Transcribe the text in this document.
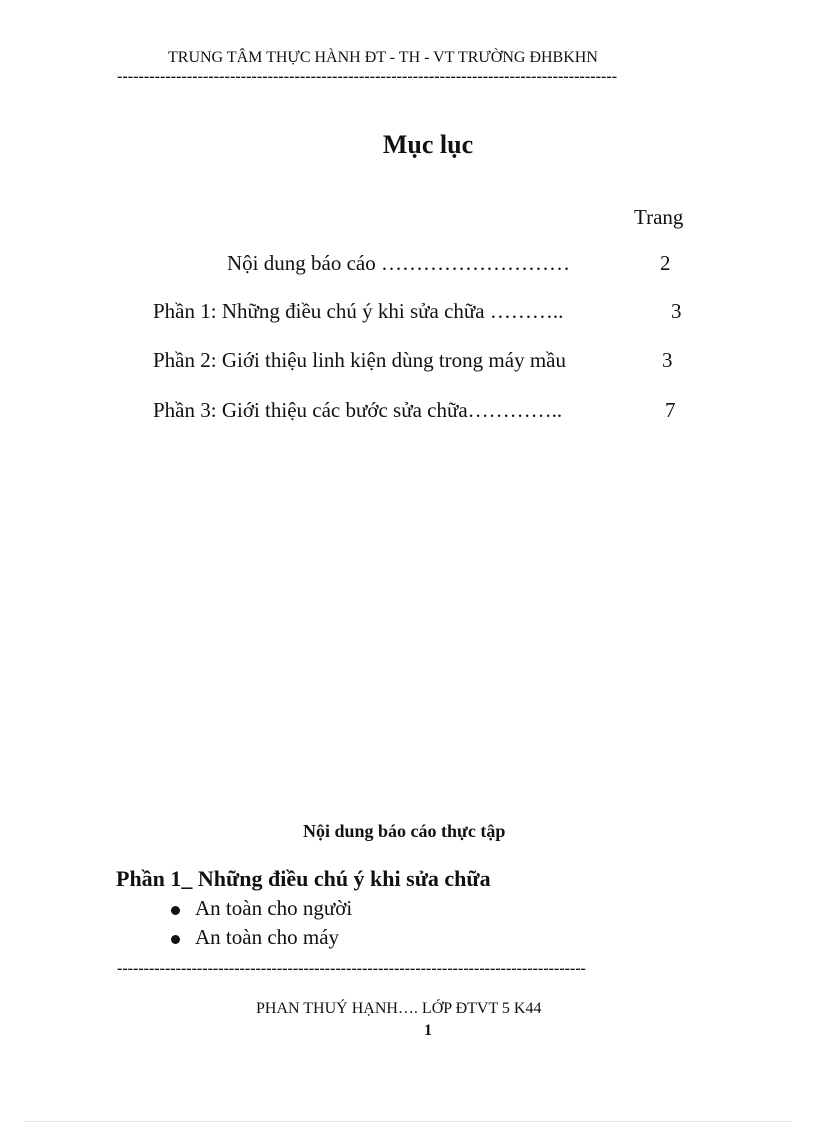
TRUNG TÂM THỰC HÀNH ĐT - TH - VT TRƯỜNG ĐHBKHN
---------------------------------------------------------------------------------------------
Mục lục
Trang
Nội dung báo cáo ………………………	2
Phần 1: Những điều chú ý khi sửa chữa ………..	3
Phần 2: Giới thiệu linh kiện dùng trong máy mầu	3
Phần 3: Giới thiệu các bước sửa chữa…………..	7
Nội dung báo cáo thực tập
Phần 1_ Những điều chú ý khi sửa chữa
An toàn cho người
An toàn cho máy
----------------------------------------------------------------------------------------
PHAN THUÝ HẠNH…. LỚP ĐTVT 5 K44
1
